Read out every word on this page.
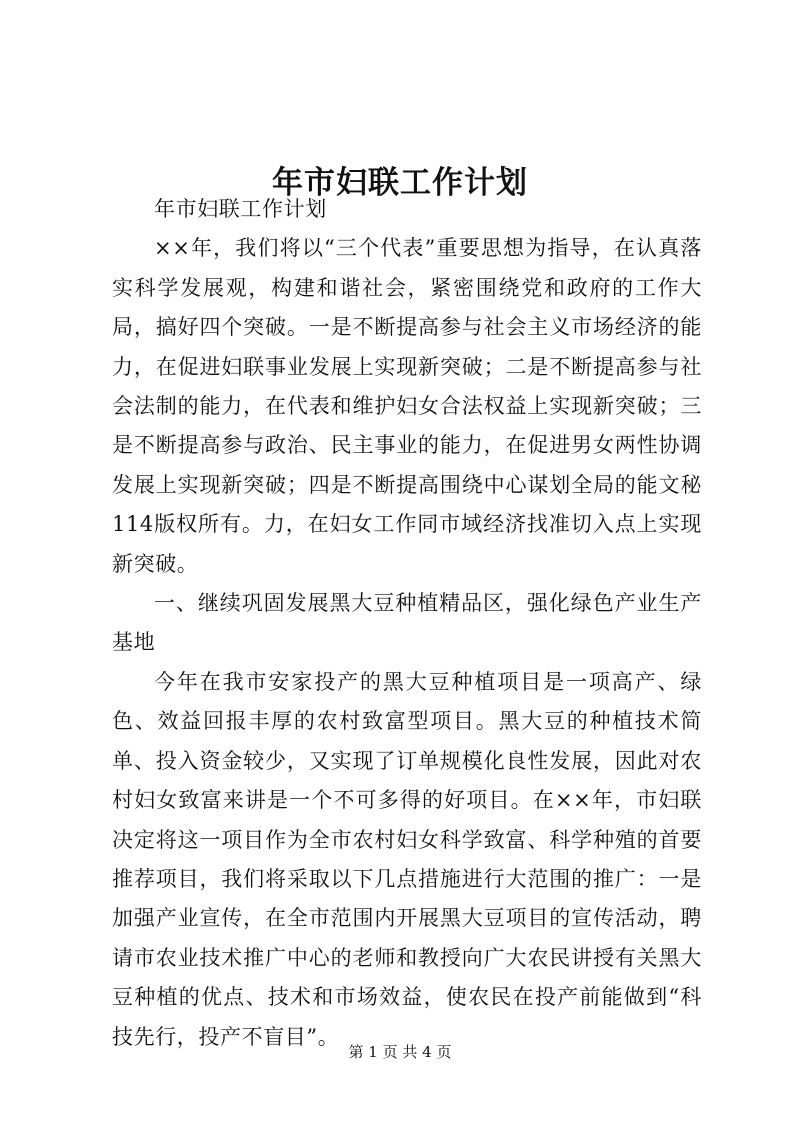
年市妇联工作计划

年市妇联工作计划

××年，我们将以“三个代表”重要思想为指导，在认真落实科学发展观，构建和谐社会，紧密围绕党和政府的工作大局，搞好四个突破。一是不断提高参与社会主义市场经济的能力，在促进妇联事业发展上实现新突破；二是不断提高参与社会法制的能力，在代表和维护妇女合法权益上实现新突破；三是不断提高参与政治、民主事业的能力，在促进男女两性协调发展上实现新突破；四是不断提高围绕中心谋划全局的能文秘114版权所有。力，在妇女工作同市域经济找准切入点上实现新突破。

一、继续巩固发展黑大豆种植精品区，强化绿色产业生产基地

今年在我市安家投产的黑大豆种植项目是一项高产、绿色、效益回报丰厚的农村致富型项目。黑大豆的种植技术简单、投入资金较少，又实现了订单规模化良性发展，因此对农村妇女致富来讲是一个不可多得的好项目。在××年，市妇联决定将这一项目作为全市农村妇女科学致富、科学种殖的首要推荐项目，我们将采取以下几点措施进行大范围的推广：一是加强产业宣传，在全市范围内开展黑大豆项目的宣传活动，聘请市农业技术推广中心的老师和教授向广大农民讲授有关黑大豆种植的优点、技术和市场效益，使农民在投产前能做到“科技先行，投产不盲目”。

第 1 页 共 4 页
